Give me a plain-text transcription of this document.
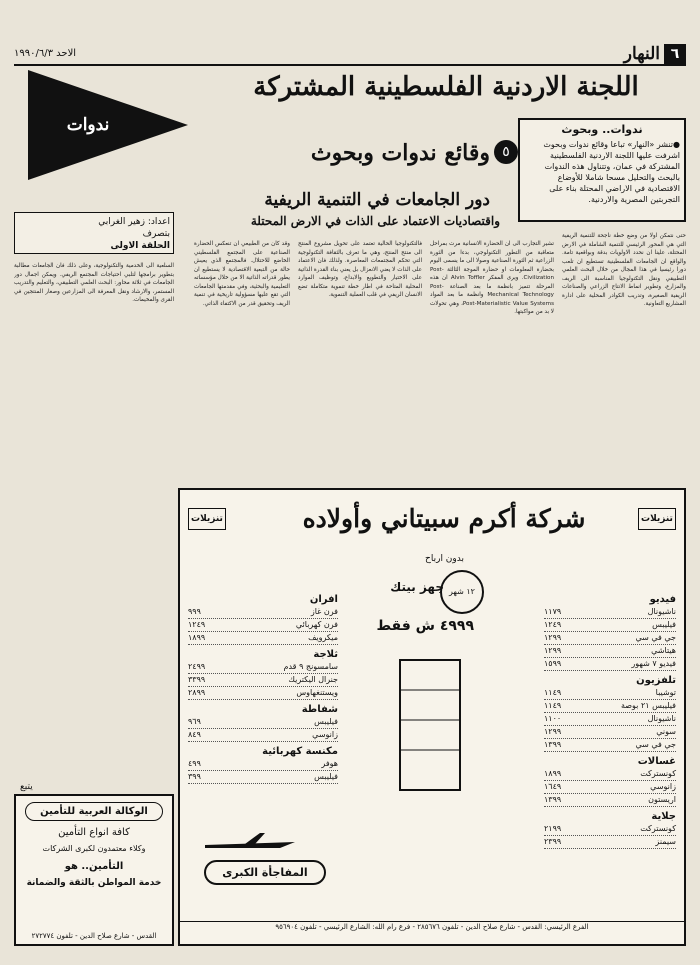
٦
النهار
الاحد ١٩٩٠/٦/٣
اللجنة الاردنية الفلسطينية المشتركة
ندوات
وقائع ندوات وبحوث ٥
ندوات.. وبحوث
●تنشر «النهار» تباعا وقائع ندوات وبحوث اشرفت عليها اللجنة الاردنية الفلسطينية المشتركة في عمان، وتتناول هذه الندوات بالبحث والتحليل مسحا شاملا للأوضاع الاقتصادية في الاراضي المحتلة بناء على التجربتين المصرية والاردنية.
دور الجامعات في التنمية الريفية
واقتصاديات الاعتماد على الذات في الارض المحتلة
اعداد: زهير الغرابي
بتصرف
الحلقة الاولى

حتى نتمكن اولا من وضع خطة ناجحة للتنمية الريفية التي هي المحور الرئيسي للتنمية الشاملة في الارض المحتلة، علينا ان نحدد الاولويات بدقة وبواقعية تامة. والواقع ان الجامعات الفلسطينية تستطيع ان تلعب دورا رئيسيا في هذا المجال من خلال البحث العلمي التطبيقي ونقل التكنولوجيا المناسبة الى الريف والمزارع، وتطوير انماط الانتاج الزراعي والصناعات الريفية الصغيرة، وتدريب الكوادر المحلية على ادارة المشاريع التعاونية.

تشير التجارب الى ان الحضارة الانسانية مرت بمراحل متعاقبة من التطور التكنولوجي، بدءا من الثورة الزراعية ثم الثورة الصناعية وصولا الى ما يسمى اليوم بحضارة المعلومات او حضارة الموجة الثالثة Post-Civilization. ويرى المفكر Alvin Toffler ان هذه المرحلة تتميز بانظمة ما بعد الصناعة Post-Mechanical Technology وانظمة ما بعد المواد Post-Materialistic Value Systems، وهي تحولات لا بد من مواكبتها.

فالتكنولوجيا الحالية تعتمد على تحويل مشروع المنتج الى منتج المنتج، وهي ما تعرف بالثقافة التكنولوجية التي تحكم المجتمعات المعاصرة. ولذلك فان الاعتماد على الذات لا يعني الانعزال بل يعني بناء القدرة الذاتية على الاختيار والتطويع والابداع، وتوظيف الموارد المحلية المتاحة في اطار خطة تنموية متكاملة تضع الانسان الريفي في قلب العملية التنموية.

وقد كان من الطبيعي ان تنعكس الحضارة الصناعية على المجتمع الفلسطيني الخاضع للاحتلال. فالمجتمع الذي يعيش حالة من التبعية الاقتصادية لا يستطيع ان يطور قدراته الذاتية الا من خلال مؤسساته التعليمية والبحثية، وفي مقدمتها الجامعات التي تقع عليها مسؤولية تاريخية في تنمية الريف وتحقيق قدر من الاكتفاء الذاتي.

السلعية الى الخدمية والتكنولوجية، وعلى ذلك فان الجامعات مطالبة بتطوير برامجها لتلبي احتياجات المجتمع الريفي. ويمكن اجمال دور الجامعات في ثلاثة محاور: البحث العلمي التطبيقي، والتعليم والتدريب المستمر، والارشاد ونقل المعرفة الى المزارعين وصغار المنتجين في القرى والمخيمات.

يتبع
شركة أكرم سبيتاني وأولاده	تنزيلات
تنزيلات
بدون ارباح
١٢ شهر
جهز بيتك
٤٩٩٩ ش فقط
فيديو
ناشيونال
١١٧٩
فيليبس
١٢٤٩
جي في سي
١٢٩٩
هيتاشي
١٢٩٩
فيديو ٧ شهور
١٥٩٩
تلفزيون
توشيبا
١١٤٩
فيليبس ٢١ بوصة
١١٤٩
ناشيونال
١١٠٠
سوني
١٢٩٩
جي في سي
١٣٩٩
غسالات
كونستركت
١٨٩٩
زانوسي
١٦٤٩
اريستون
١٣٩٩
جلاية
كونستركت
٢١٩٩
سيمنز
٢٣٩٩
افران
فرن غاز
٩٩٩
فرن كهربائي
١٢٤٩
ميكرويف
١٨٩٩
ثلاجة
سامسونج ٩ قدم
٢٤٩٩
جنرال اليكتريك
٣٣٩٩
ويستنغهاوس
٢٨٩٩
شفاطة
فيليبس
٩٦٩
زانوسي
٨٤٩
مكنسة كهربائية
هوفر
٤٩٩
فيليبس
٣٩٩
المفاجأة الكبرى
الفرع الرئيسي: القدس - شارع صلاح الدين - تلفون ٢٨٥٦٧٦ - فرع رام الله: الشارع الرئيسي - تلفون ٩٥٦٩٠٤
الوكالة العربية للتأمين
كافة انواع التأمين
وكلاء معتمدون لكبرى الشركات
التأمين.. هو
خدمة المواطن بالثقة والضمانة
القدس - شارع صلاح الدين - تلفون ٢٧٢٧٧٤
